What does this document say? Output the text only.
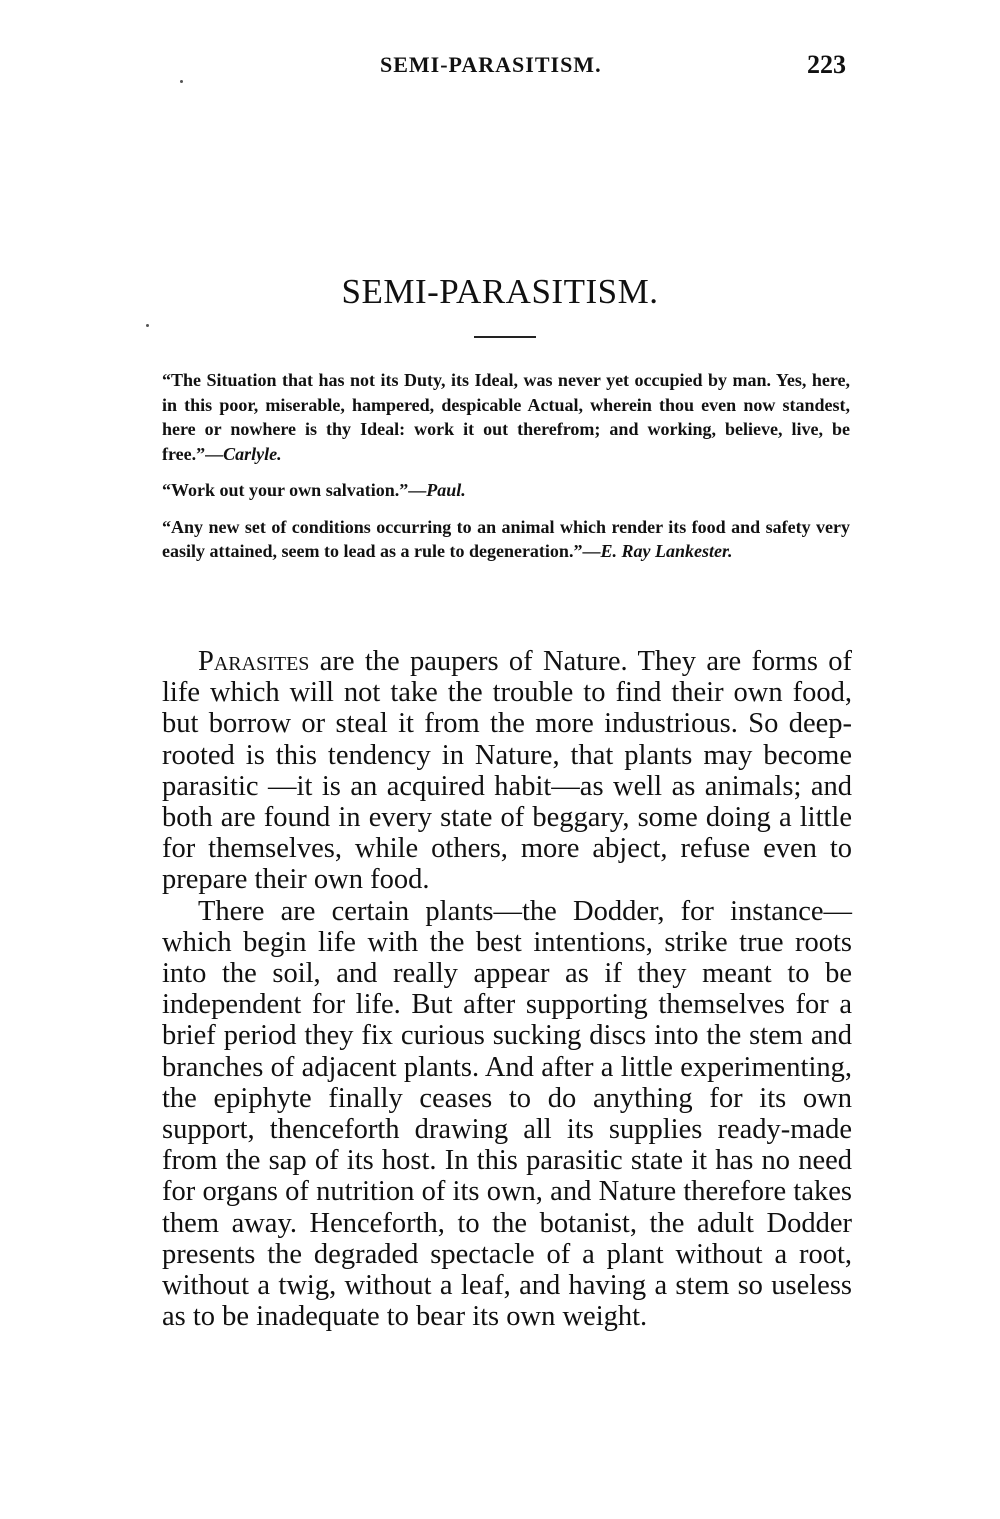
SEMI-PARASITISM.	223
SEMI-PARASITISM.

“The Situation that has not its Duty, its Ideal, was never yet occupied by man. Yes, here, in this poor, miserable, hampered, despicable Actual, wherein thou even now standest, here or nowhere is thy Ideal: work it out therefrom; and working, believe, live, be free.”—Carlyle.

“Work out your own salvation.”—Paul.

“Any new set of conditions occurring to an animal which render its food and safety very easily attained, seem to lead as a rule to degeneration.”—E. Ray Lankester.

Parasites are the paupers of Nature. They are forms of life which will not take the trouble to find their own food, but borrow or steal it from the more industrious. So deep-rooted is this tendency in Nature, that plants may become parasitic —it is an acquired habit—as well as animals; and both are found in every state of beggary, some doing a little for themselves, while others, more abject, refuse even to prepare their own food.

There are certain plants—the Dodder, for instance—which begin life with the best intentions, strike true roots into the soil, and really appear as if they meant to be independent for life. But after supporting themselves for a brief period they fix curious sucking discs into the stem and branches of adjacent plants. And after a little experimenting, the epiphyte finally ceases to do anything for its own support, thenceforth drawing all its supplies ready-made from the sap of its host. In this parasitic state it has no need for organs of nutrition of its own, and Nature therefore takes them away. Henceforth, to the botanist, the adult Dodder presents the degraded spectacle of a plant without a root, without a twig, without a leaf, and having a stem so useless as to be inadequate to bear its own weight.
